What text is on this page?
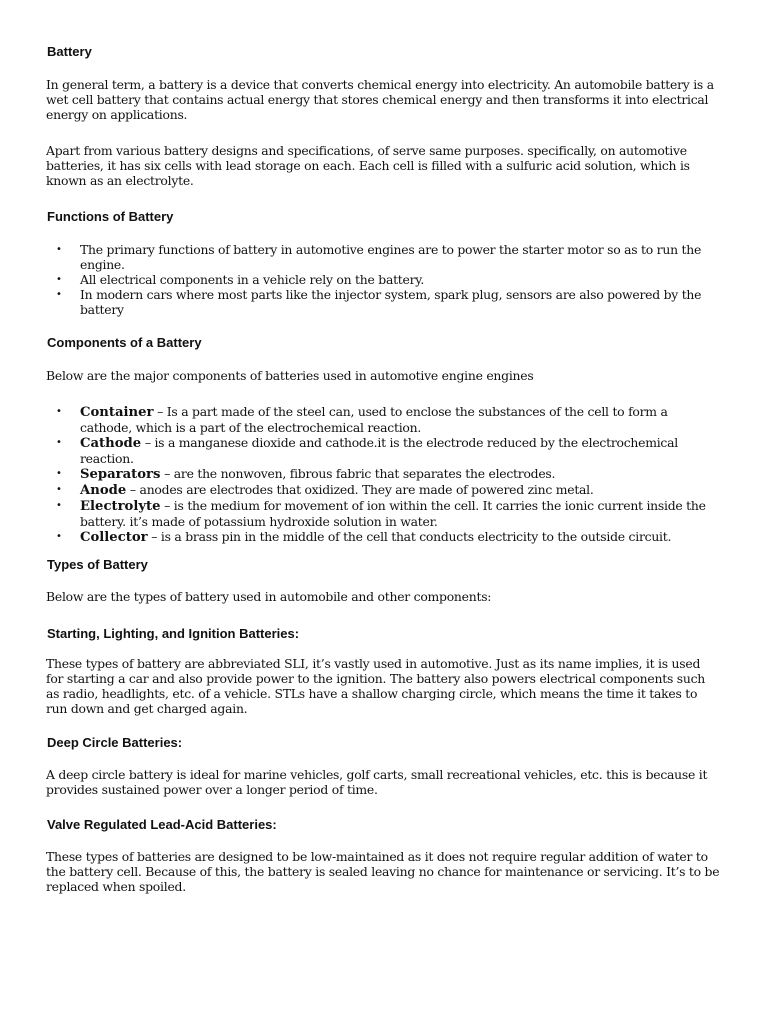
Battery

In general term, a battery is a device that converts chemical energy into electricity. An automobile battery is a wet cell battery that contains actual energy that stores chemical energy and then transforms it into electrical energy on applications.

Apart from various battery designs and specifications, of serve same purposes. specifically, on automotive batteries, it has six cells with lead storage on each. Each cell is filled with a sulfuric acid solution, which is known as an electrolyte.

Functions of Battery
•	The primary functions of battery in automotive engines are to power the starter motor so as to run the engine.
•	All electrical components in a vehicle rely on the battery.
•	In modern cars where most parts like the injector system, spark plug, sensors are also powered by the battery
Components of a Battery

Below are the major components of batteries used in automotive engine engines

•	Container – Is a part made of the steel can, used to enclose the substances of the cell to form a cathode, which is a part of the electrochemical reaction.
•	Cathode – is a manganese dioxide and cathode.it is the electrode reduced by the electrochemical reaction.
•	Separators – are the nonwoven, fibrous fabric that separates the electrodes.
•	Anode – anodes are electrodes that oxidized. They are made of powered zinc metal.
•	Electrolyte – is the medium for movement of ion within the cell. It carries the ionic current inside the battery. it’s made of potassium hydroxide solution in water.
•	Collector – is a brass pin in the middle of the cell that conducts electricity to the outside circuit.
Types of Battery

Below are the types of battery used in automobile and other components:

Starting, Lighting, and Ignition Batteries:

These types of battery are abbreviated SLI, it’s vastly used in automotive. Just as its name implies, it is used for starting a car and also provide power to the ignition. The battery also powers electrical components such as radio, headlights, etc. of a vehicle. STLs have a shallow charging circle, which means the time it takes to run down and get charged again.

Deep Circle Batteries:

A deep circle battery is ideal for marine vehicles, golf carts, small recreational vehicles, etc. this is because it provides sustained power over a longer period of time.

Valve Regulated Lead-Acid Batteries:

These types of batteries are designed to be low-maintained as it does not require regular addition of water to the battery cell. Because of this, the battery is sealed leaving no chance for maintenance or servicing. It’s to be replaced when spoiled.
